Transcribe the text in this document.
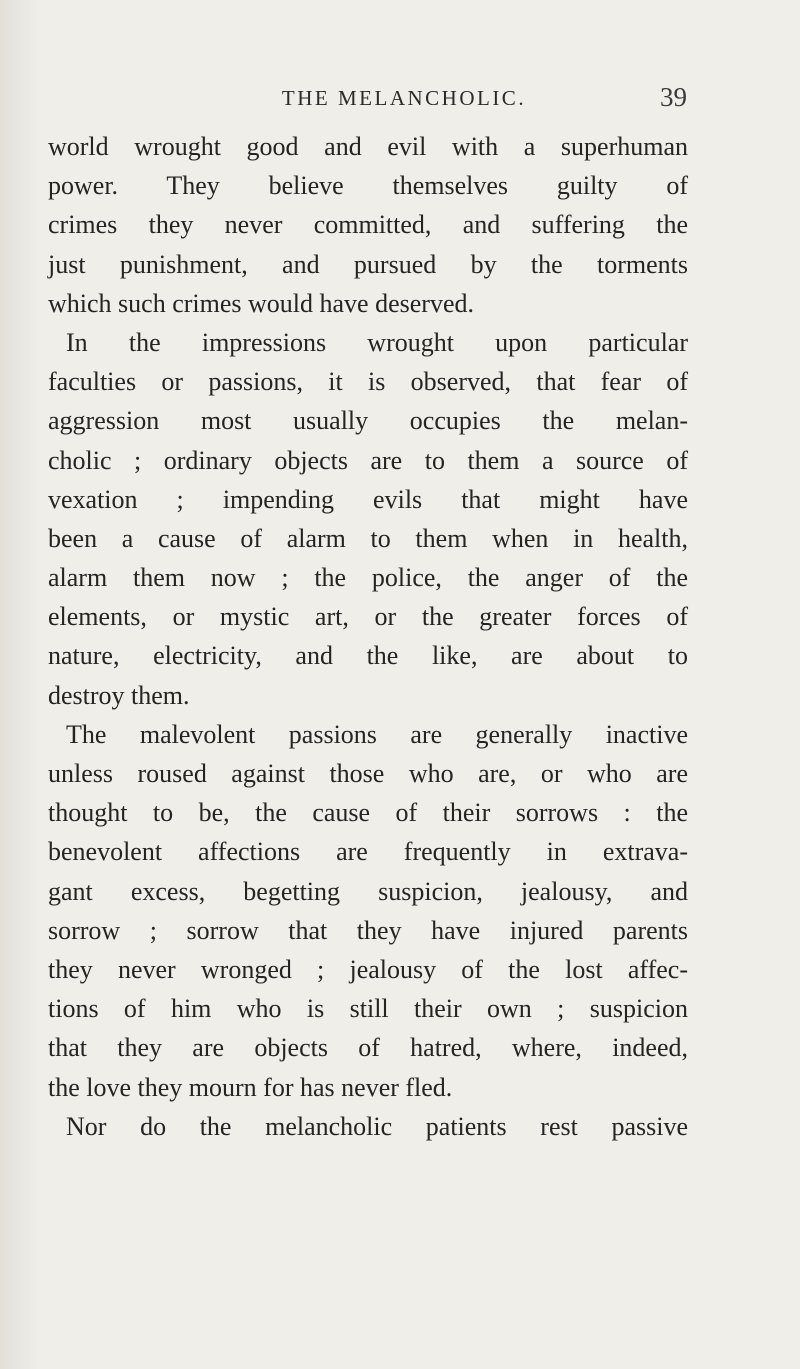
THE MELANCHOLIC.	39
world wrought good and evil with a superhuman
power. They believe themselves guilty of
crimes they never committed, and suffering the
just punishment, and pursued by the torments
which such crimes would have deserved.
In the impressions wrought upon particular
faculties or passions, it is observed, that fear of
aggression most usually occupies the melan-
cholic ; ordinary objects are to them a source of
vexation ; impending evils that might have
been a cause of alarm to them when in health,
alarm them now ; the police, the anger of the
elements, or mystic art, or the greater forces of
nature, electricity, and the like, are about to
destroy them.
The malevolent passions are generally inactive
unless roused against those who are, or who are
thought to be, the cause of their sorrows : the
benevolent affections are frequently in extrava-
gant excess, begetting suspicion, jealousy, and
sorrow ; sorrow that they have injured parents
they never wronged ; jealousy of the lost affec-
tions of him who is still their own ; suspicion
that they are objects of hatred, where, indeed,
the love they mourn for has never fled.
Nor do the melancholic patients rest passive
